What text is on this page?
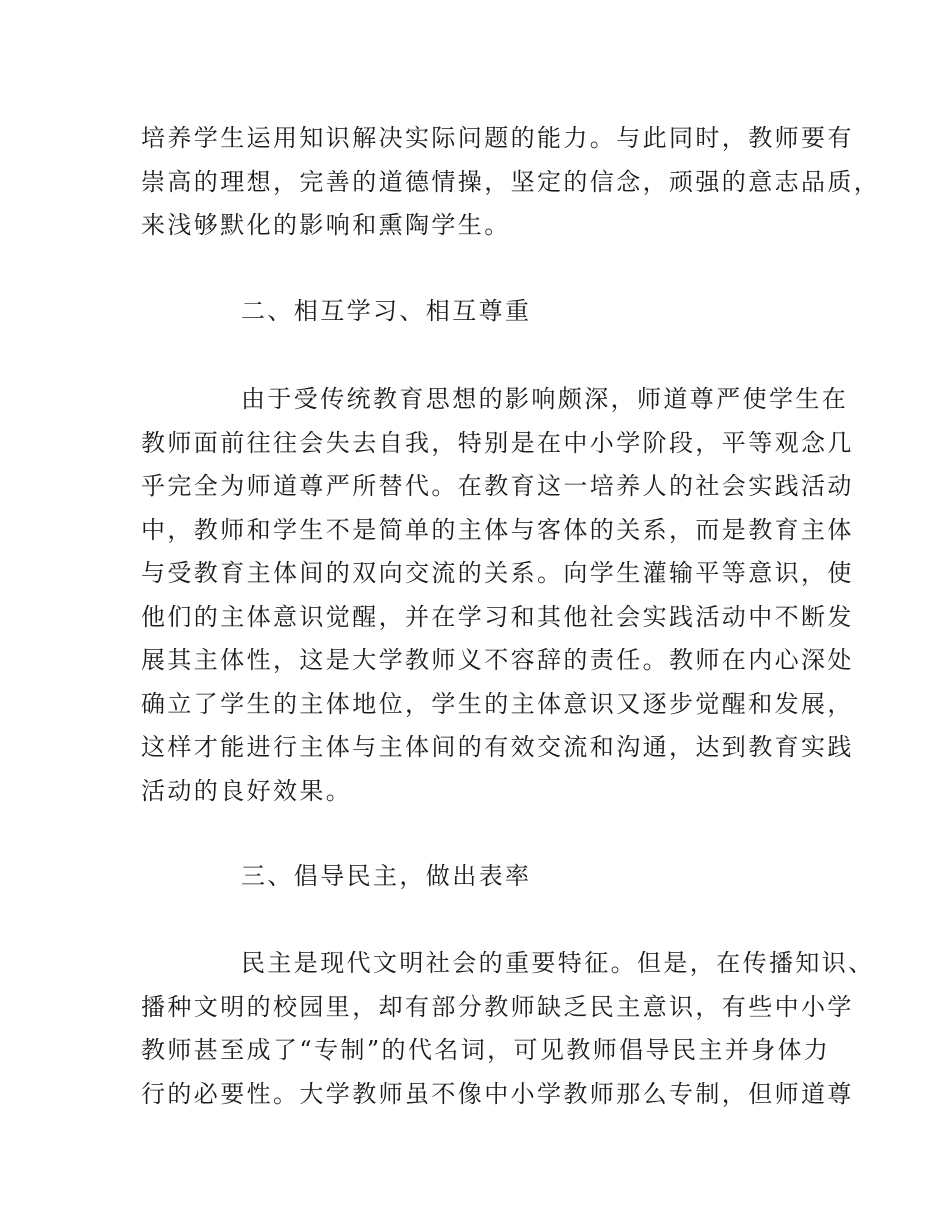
培养学生运用知识解决实际问题的能力。与此同时，教师要有
崇高的理想，完善的道德情操，坚定的信念，顽强的意志品质，
来浅够默化的影响和熏陶学生。

二、相互学习、相互尊重

由于受传统教育思想的影响颇深，师道尊严使学生在
教师面前往往会失去自我，特别是在中小学阶段，平等观念几
乎完全为师道尊严所替代。在教育这一培养人的社会实践活动
中，教师和学生不是简单的主体与客体的关系，而是教育主体
与受教育主体间的双向交流的关系。向学生灌输平等意识，使
他们的主体意识觉醒，并在学习和其他社会实践活动中不断发
展其主体性，这是大学教师义不容辞的责任。教师在内心深处
确立了学生的主体地位，学生的主体意识又逐步觉醒和发展，
这样才能进行主体与主体间的有效交流和沟通，达到教育实践
活动的良好效果。

三、倡导民主，做出表率

民主是现代文明社会的重要特征。但是，在传播知识、
播种文明的校园里，却有部分教师缺乏民主意识，有些中小学
教师甚至成了“专制”的代名词，可见教师倡导民主并身体力
行的必要性。大学教师虽不像中小学教师那么专制，但师道尊
